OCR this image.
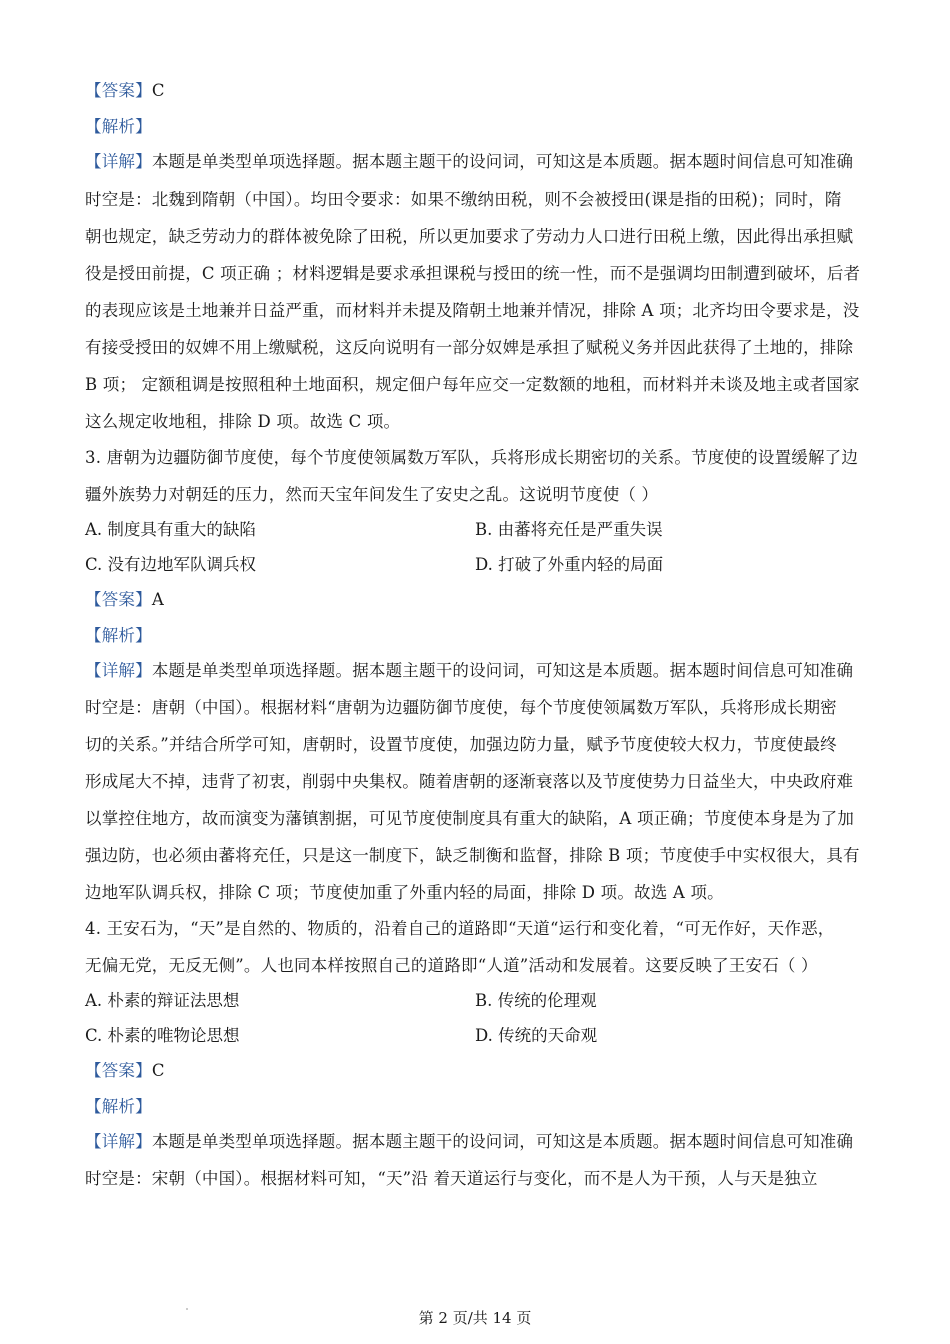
【答案】C
【解析】
【详解】本题是单类型单项选择题。据本题主题干的设问词，可知这是本质题。据本题时间信息可知准确
时空是：北魏到隋朝（中国）。均田令要求：如果不缴纳田税，则不会被授田(课是指的田税)；同时，隋
朝也规定，缺乏劳动力的群体被免除了田税，所以更加要求了劳动力人口进行田税上缴，因此得出承担赋
役是授田前提，C 项正确 ；材料逻辑是要求承担课税与授田的统一性，而不是强调均田制遭到破坏，后者
的表现应该是土地兼并日益严重，而材料并未提及隋朝土地兼并情况，排除 A 项；北齐均田令要求是，没
有接受授田的奴婢不用上缴赋税，这反向说明有一部分奴婢是承担了赋税义务并因此获得了土地的，排除
B 项； 定额租调是按照租种土地面积，规定佃户每年应交一定数额的地租，而材料并未谈及地主或者国家
这么规定收地租，排除 D 项。故选 C 项。
3. 唐朝为边疆防御节度使，每个节度使领属数万军队，兵将形成长期密切的关系。节度使的设置缓解了边
疆外族势力对朝廷的压力，然而天宝年间发生了安史之乱。这说明节度使（ ）
A. 制度具有重大的缺陷	B. 由蕃将充任是严重失误
C. 没有边地军队调兵权	D. 打破了外重内轻的局面
【答案】A
【解析】
【详解】本题是单类型单项选择题。据本题主题干的设问词，可知这是本质题。据本题时间信息可知准确
时空是：唐朝（中国）。根据材料“唐朝为边疆防御节度使，每个节度使领属数万军队，兵将形成长期密
切的关系。”并结合所学可知，唐朝时，设置节度使，加强边防力量，赋予节度使较大权力，节度使最终
形成尾大不掉，违背了初衷，削弱中央集权。随着唐朝的逐渐衰落以及节度使势力日益坐大，中央政府难
以掌控住地方，故而演变为藩镇割据，可见节度使制度具有重大的缺陷，A 项正确；节度使本身是为了加
强边防，也必须由蕃将充任，只是这一制度下，缺乏制衡和监督，排除 B 项；节度使手中实权很大，具有
边地军队调兵权，排除 C 项；节度使加重了外重内轻的局面，排除 D 项。故选 A 项。
4. 王安石为，“天”是自然的、物质的，沿着自己的道路即“天道“运行和变化着，“可无作好，天作恶，
无偏无党，无反无侧”。人也同本样按照自己的道路即“人道”活动和发展着。这要反映了王安石（ ）
A. 朴素的辩证法思想	B. 传统的伦理观
C. 朴素的唯物论思想	D. 传统的天命观
【答案】C
【解析】
【详解】本题是单类型单项选择题。据本题主题干的设问词，可知这是本质题。据本题时间信息可知准确
时空是：宋朝（中国）。根据材料可知，“天”沿 着天道运行与变化，而不是人为干预，人与天是独立
第 2 页/共 14 页
